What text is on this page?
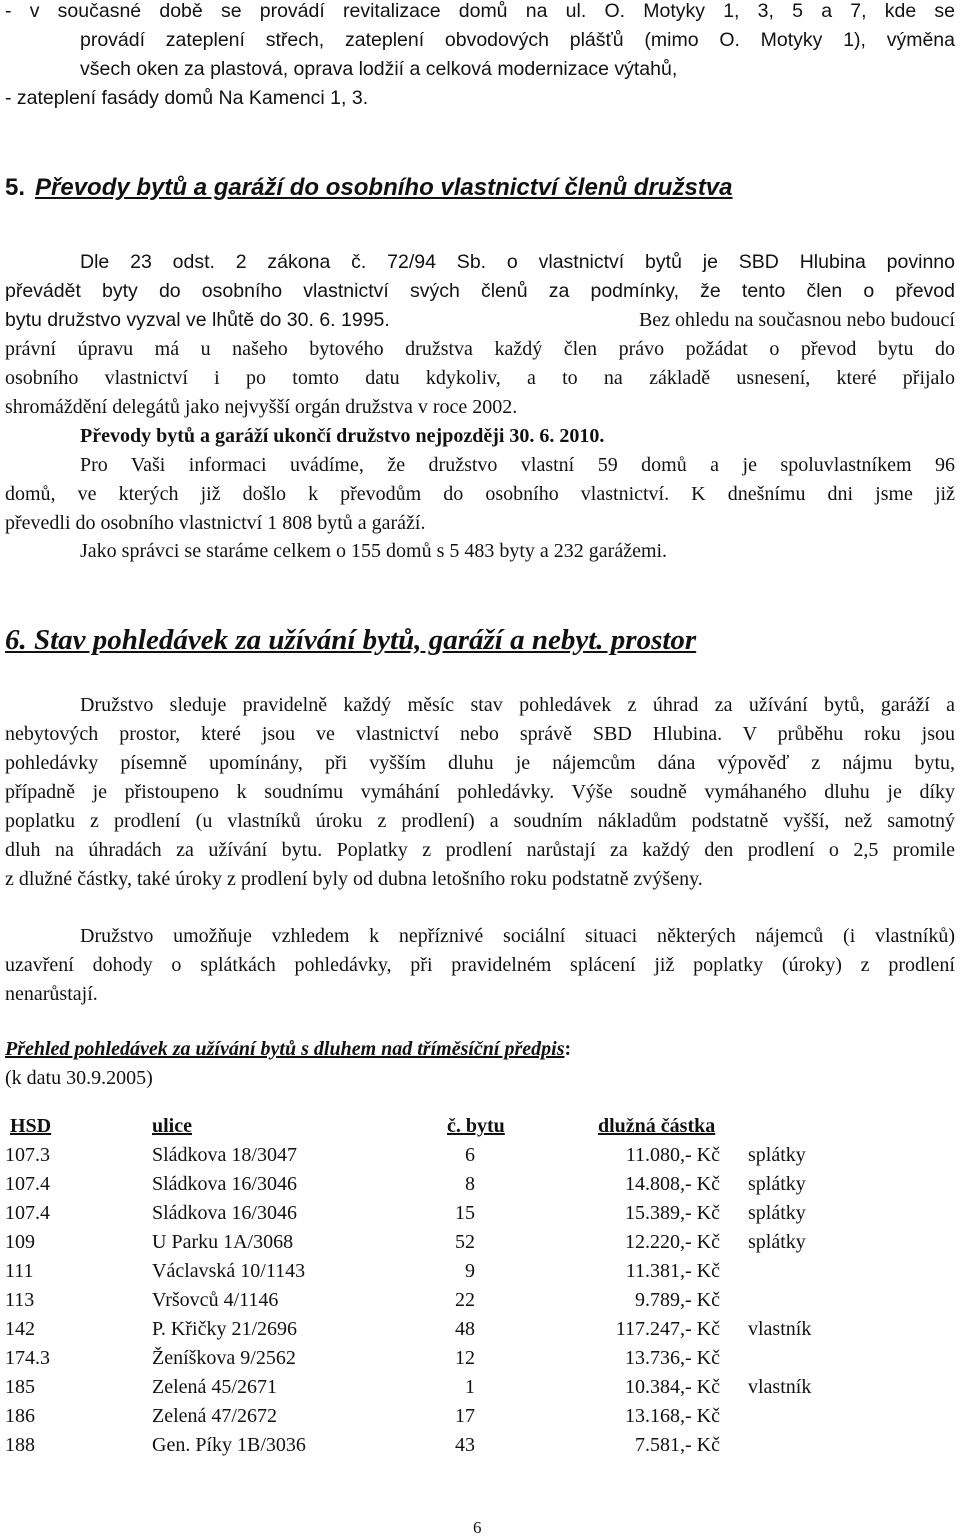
- v současné době se provádí revitalizace domů na ul. O. Motyky 1, 3, 5 a 7, kde se
provádí zateplení střech, zateplení obvodových plášťů (mimo O. Motyky 1), výměna
všech oken za plastová, oprava lodžií a celková modernizace výtahů,
- zateplení fasády domů Na Kamenci 1, 3.
5. Převody bytů a garáží do osobního vlastnictví členů družstva
Dle 23 odst. 2 zákona č. 72/94 Sb. o vlastnictví bytů je SBD Hlubina povinno
převádět byty do osobního vlastnictví svých členů za podmínky, že tento člen o převod
bytu družstvo vyzval ve lhůtě do 30. 6. 1995.	Bez ohledu na současnou nebo budoucí
právní úpravu má u našeho bytového družstva každý člen právo požádat o převod bytu do
osobního vlastnictví i po tomto datu kdykoliv, a to na základě usnesení, které přijalo
shromáždění delegátů jako nejvyšší orgán družstva v roce 2002.
Převody bytů a garáží ukončí družstvo nejpozději 30. 6. 2010.
Pro Vaši informaci uvádíme, že družstvo vlastní 59 domů a je spoluvlastníkem 96
domů, ve kterých již došlo k převodům do osobního vlastnictví. K dnešnímu dni jsme již
převedli do osobního vlastnictví 1 808 bytů a garáží.
Jako správci se staráme celkem o 155 domů s 5 483 byty a 232 garážemi.
6. Stav pohledávek za užívání bytů, garáží a nebyt. prostor
Družstvo sleduje pravidelně každý měsíc stav pohledávek z úhrad za užívání bytů, garáží a
nebytových prostor, které jsou ve vlastnictví nebo správě SBD Hlubina. V průběhu roku jsou
pohledávky písemně upomínány, při vyšším dluhu je nájemcům dána výpověď z nájmu bytu,
případně je přistoupeno k soudnímu vymáhání pohledávky. Výše soudně vymáhaného dluhu je díky
poplatku z prodlení (u vlastníků úroku z prodlení) a soudním nákladům podstatně vyšší, než samotný
dluh na úhradách za užívání bytu. Poplatky z prodlení narůstají za každý den prodlení o 2,5 promile
z dlužné částky, také úroky z prodlení byly od dubna letošního roku podstatně zvýšeny.
Družstvo umožňuje vzhledem k nepříznivé sociální situaci některých nájemců (i vlastníků)
uzavření dohody o splátkách pohledávky, při pravidelném splácení již poplatky (úroky) z prodlení
nenarůstají.
Přehled pohledávek za užívání bytů s dluhem nad tříměsíční předpis:
(k datu 30.9.2005)
HSD	ulice	č. bytu	dlužná částka
107.3	Sládkova 18/3047	6	11.080,- Kč splátky
107.4	Sládkova 16/3046	8	14.808,- Kč splátky
107.4	Sládkova 16/3046	15	15.389,- Kč splátky
109	U Parku 1A/3068	52	12.220,- Kč splátky
111	Václavská 10/1143	9	11.381,- Kč
113	Vršovců 4/1146	22	9.789,- Kč
142	P. Křičky 21/2696	48	117.247,- Kč vlastník
174.3	Ženíškova 9/2562	12	13.736,- Kč
185	Zelená 45/2671	1	10.384,- Kč vlastník
186	Zelená 47/2672	17	13.168,- Kč
188	Gen. Píky 1B/3036	43	7.581,- Kč
6
